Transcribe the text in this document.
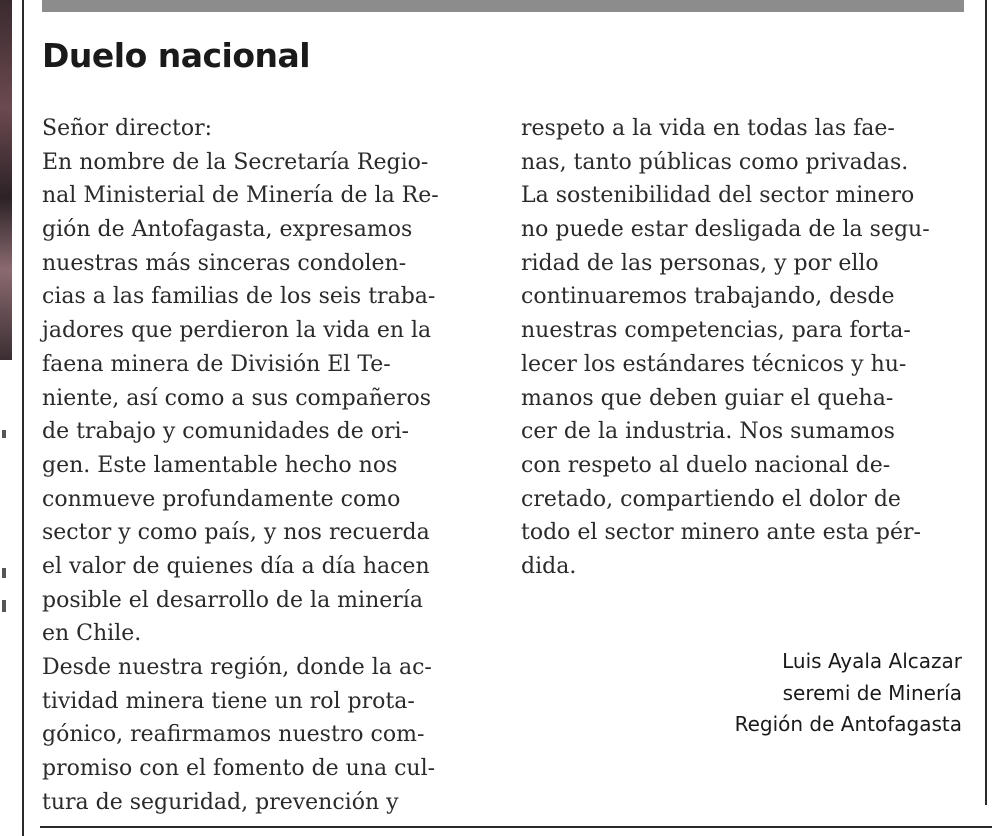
Duelo nacional
Señor director:
En nombre de la Secretaría Regio-
nal Ministerial de Minería de la Re-
gión de Antofagasta, expresamos
nuestras más sinceras condolen-
cias a las familias de los seis traba-
jadores que perdieron la vida en la
faena minera de División El Te-
niente, así como a sus compañeros
de trabajo y comunidades de ori-
gen. Este lamentable hecho nos
conmueve profundamente como
sector y como país, y nos recuerda
el valor de quienes día a día hacen
posible el desarrollo de la minería
en Chile.
Desde nuestra región, donde la ac-
tividad minera tiene un rol prota-
gónico, reafirmamos nuestro com-
promiso con el fomento de una cul-
tura de seguridad, prevención y
respeto a la vida en todas las fae-
nas, tanto públicas como privadas.
La sostenibilidad del sector minero
no puede estar desligada de la segu-
ridad de las personas, y por ello
continuaremos trabajando, desde
nuestras competencias, para forta-
lecer los estándares técnicos y hu-
manos que deben guiar el queha-
cer de la industria. Nos sumamos
con respeto al duelo nacional de-
cretado, compartiendo el dolor de
todo el sector minero ante esta pér-
dida.
Luis Ayala Alcazar
seremi de Minería
Región de Antofagasta
